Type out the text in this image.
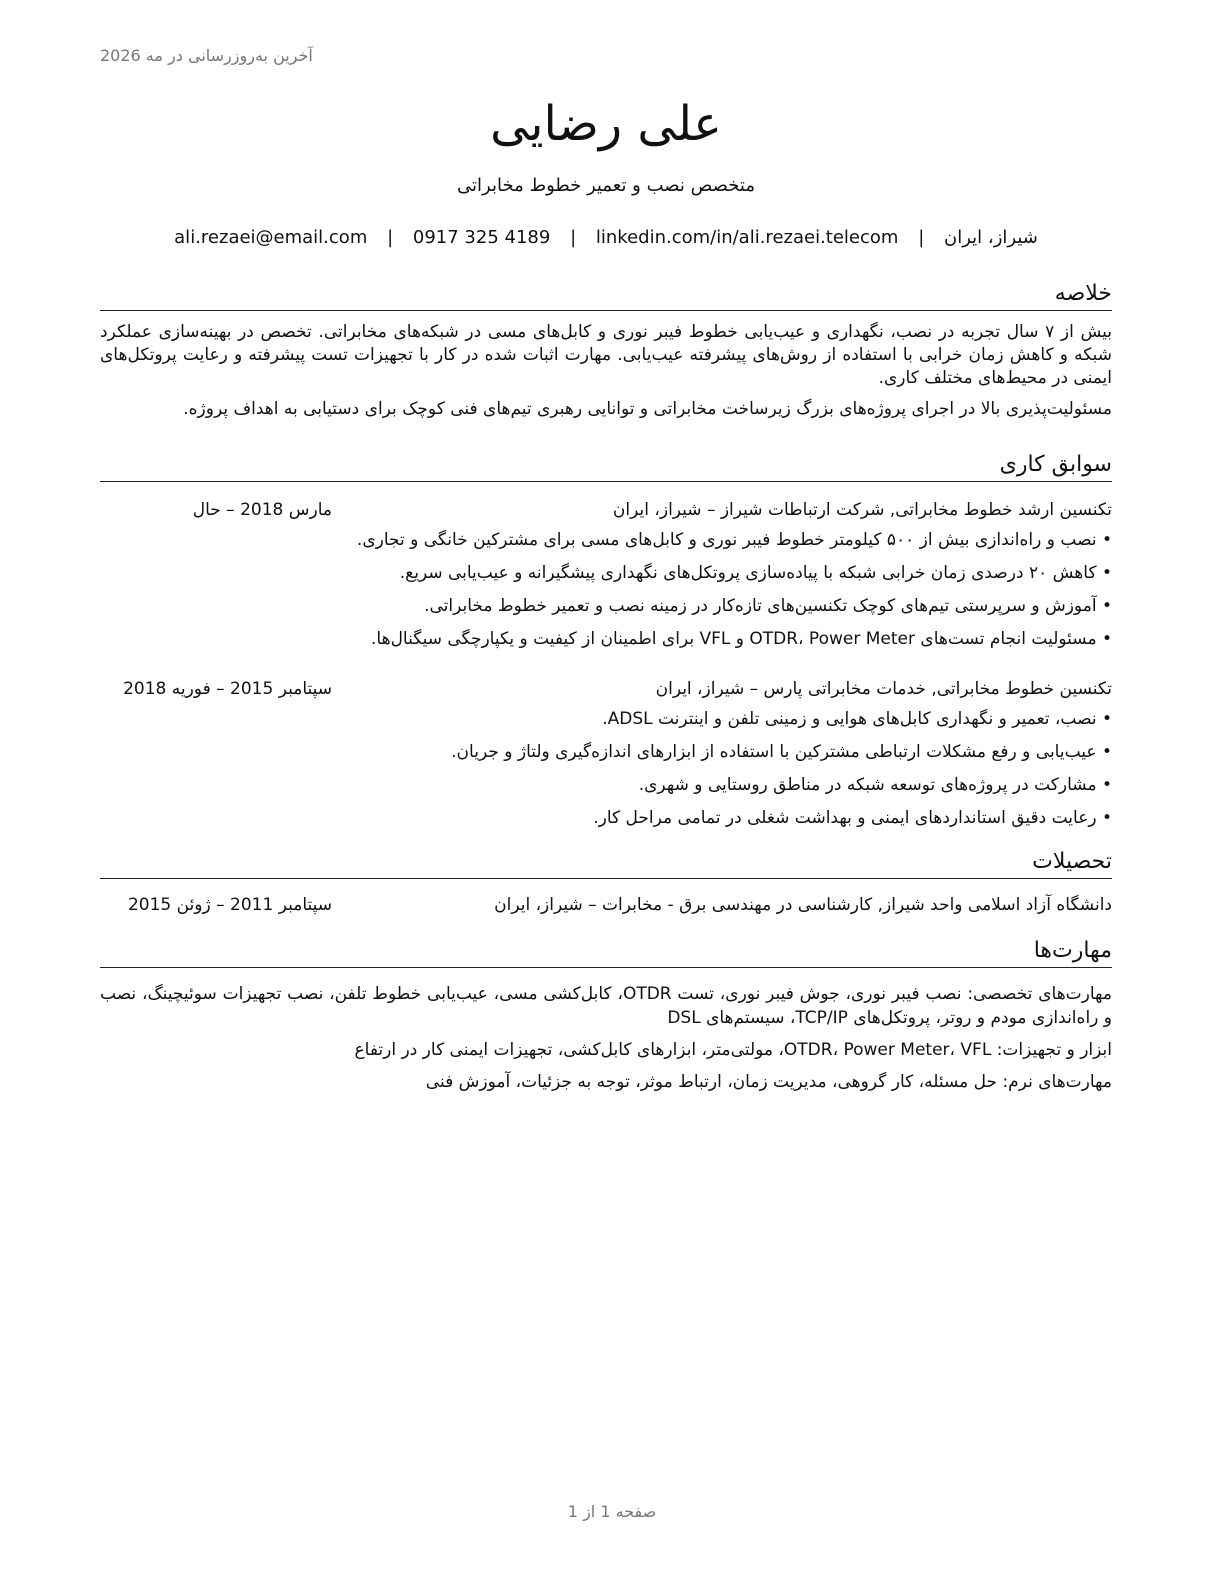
آخرین به‌روزرسانی در مه 2026
علی رضایی
متخصص نصب و تعمیر خطوط مخابراتی
شیراز، ایران | ali.rezaei@email.com | 0917 325 4189 | linkedin.com/in/ali.rezaei.telecom
خلاصه

بیش از ۷ سال تجربه در نصب، نگهداری و عیب‌یابی خطوط فیبر نوری و کابل‌های مسی در شبکه‌های مخابراتی. تخصص در بهینه‌سازی عملکرد شبکه و کاهش زمان خرابی با استفاده از روش‌های پیشرفته عیب‌یابی. مهارت اثبات شده در کار با تجهیزات تست پیشرفته و رعایت پروتکل‌های ایمنی در محیط‌های مختلف کاری.

مسئولیت‌پذیری بالا در اجرای پروژه‌های بزرگ زیرساخت مخابراتی و توانایی رهبری تیم‌های فنی کوچک برای دستیابی به اهداف پروژه.

سوابق کاری
تکنسین ارشد خطوط مخابراتی, شرکت ارتباطات شیراز – شیراز، ایران
مارس 2018 – حال
• نصب و راه‌اندازی بیش از ۵۰۰ کیلومتر خطوط فیبر نوری و کابل‌های مسی برای مشترکین خانگی و تجاری.
• کاهش ۲۰ درصدی زمان خرابی شبکه با پیاده‌سازی پروتکل‌های نگهداری پیشگیرانه و عیب‌یابی سریع.
• آموزش و سرپرستی تیم‌های کوچک تکنسین‌های تازه‌کار در زمینه نصب و تعمیر خطوط مخابراتی.
• مسئولیت انجام تست‌های OTDR، Power Meter و VFL برای اطمینان از کیفیت و یکپارچگی سیگنال‌ها.
تکنسین خطوط مخابراتی, خدمات مخابراتی پارس – شیراز، ایران
سپتامبر 2015 – فوریه 2018
• نصب، تعمیر و نگهداری کابل‌های هوایی و زمینی تلفن و اینترنت ADSL.
• عیب‌یابی و رفع مشکلات ارتباطی مشترکین با استفاده از ابزارهای اندازه‌گیری ولتاژ و جریان.
• مشارکت در پروژه‌های توسعه شبکه در مناطق روستایی و شهری.
• رعایت دقیق استانداردهای ایمنی و بهداشت شغلی در تمامی مراحل کار.
تحصیلات
دانشگاه آزاد اسلامی واحد شیراز, کارشناسی در مهندسی برق - مخابرات – شیراز، ایران
سپتامبر 2011 – ژوئن 2015
مهارت‌ها

مهارت‌های تخصصی: نصب فیبر نوری، جوش فیبر نوری، تست OTDR، کابل‌کشی مسی، عیب‌یابی خطوط تلفن، نصب تجهیزات سوئیچینگ، نصب و راه‌اندازی مودم و روتر، پروتکل‌های TCP/IP، سیستم‌های DSL

ابزار و تجهیزات: OTDR، Power Meter، VFL، مولتی‌متر، ابزارهای کابل‌کشی، تجهیزات ایمنی کار در ارتفاع

مهارت‌های نرم: حل مسئله، کار گروهی، مدیریت زمان، ارتباط موثر، توجه به جزئیات، آموزش فنی

صفحه 1 از 1
